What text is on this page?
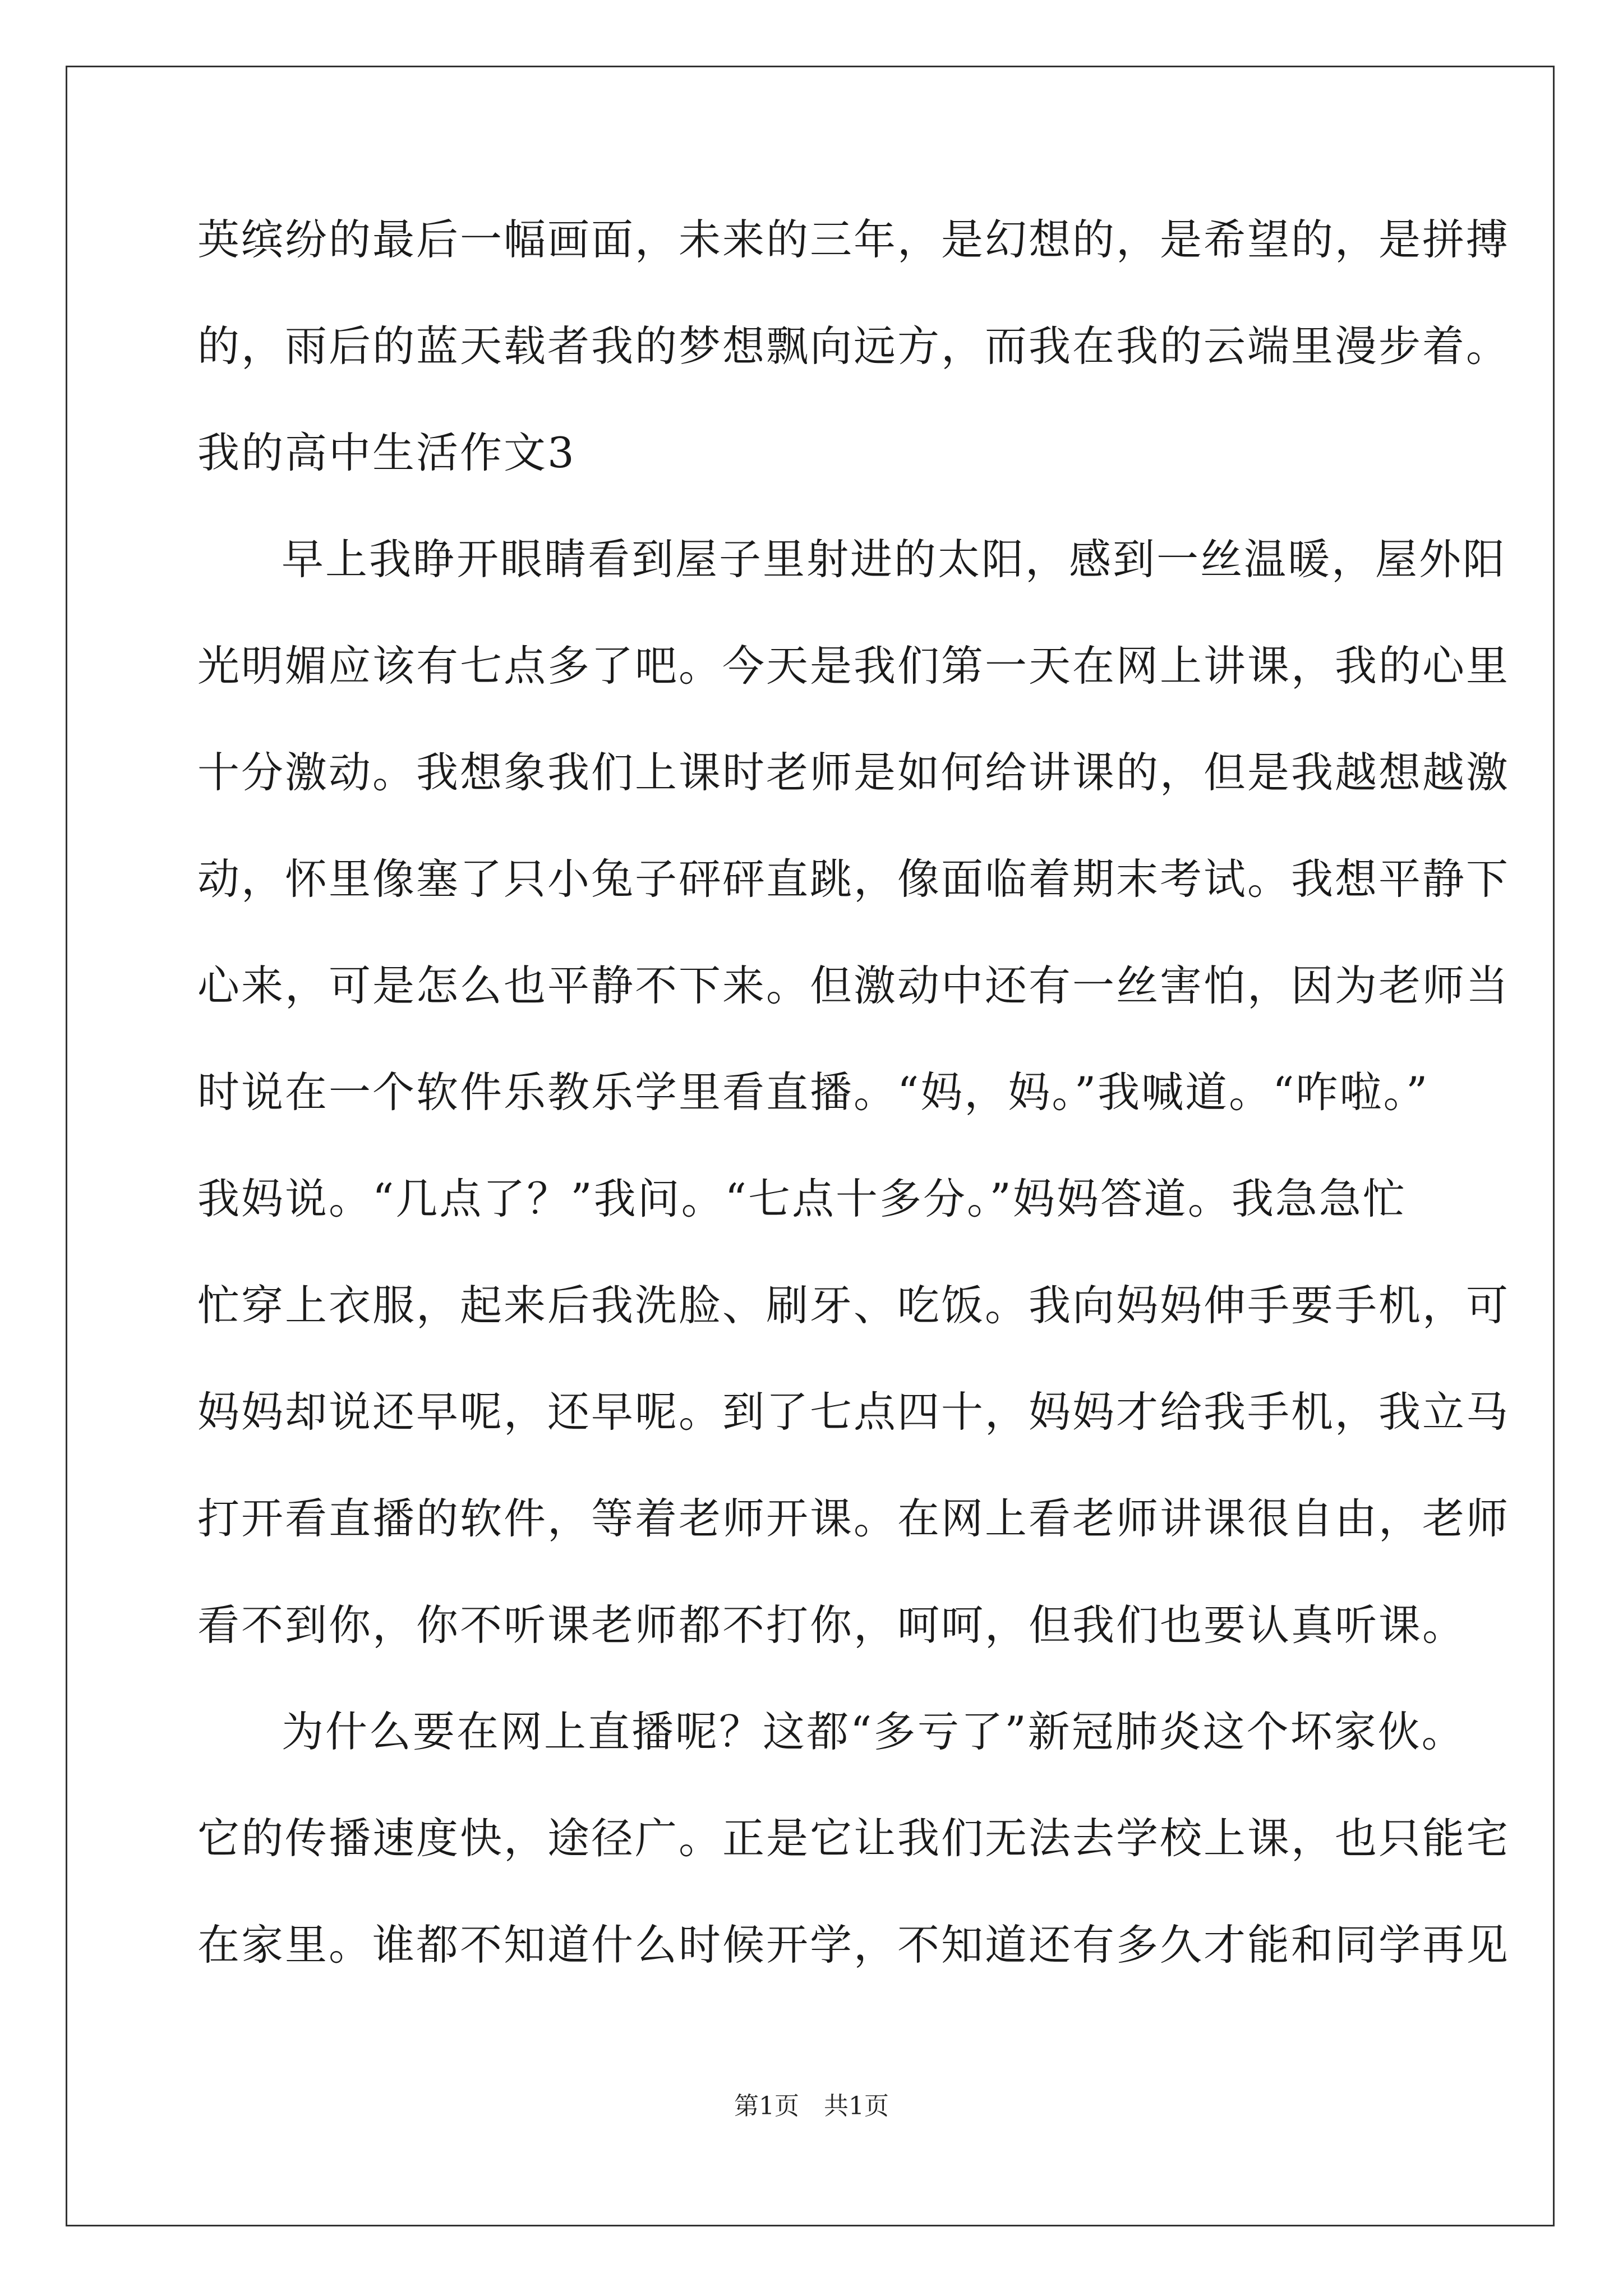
英缤纷的最后一幅画面，未来的三年，是幻想的，是希望的，是拼搏
的，雨后的蓝天载者我的梦想飘向远方，而我在我的云端里漫步着。
我的高中生活作文3
早上我睁开眼睛看到屋子里射进的太阳，感到一丝温暖，屋外阳
光明媚应该有七点多了吧。今天是我们第一天在网上讲课，我的心里
十分激动。我想象我们上课时老师是如何给讲课的，但是我越想越激
动，怀里像塞了只小兔子砰砰直跳，像面临着期末考试。我想平静下
心来，可是怎么也平静不下来。但激动中还有一丝害怕，因为老师当
时说在一个软件乐教乐学里看直播。“妈，妈。”我喊道。“咋啦。”
我妈说。“几点了？”我问。“七点十多分。”妈妈答道。我急急忙
忙穿上衣服，起来后我洗脸、刷牙、吃饭。我向妈妈伸手要手机，可
妈妈却说还早呢，还早呢。到了七点四十，妈妈才给我手机，我立马
打开看直播的软件，等着老师开课。在网上看老师讲课很自由，老师
看不到你，你不听课老师都不打你，呵呵，但我们也要认真听课。
为什么要在网上直播呢？这都“多亏了”新冠肺炎这个坏家伙。
它的传播速度快，途径广。正是它让我们无法去学校上课，也只能宅
在家里。谁都不知道什么时候开学，不知道还有多久才能和同学再见
第1页 共1页
